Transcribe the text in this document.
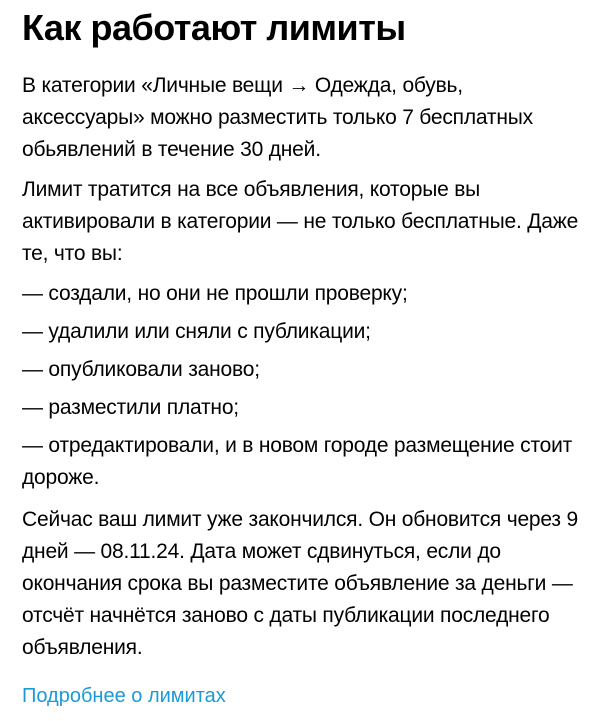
Как работают лимиты

В категории «Личные вещи → Одежда, обувь, аксессуары» можно разместить только 7 бесплатных обьявлений в течение 30 дней.

Лимит тратится на все объявления, которые вы активировали в категории — не только бесплатные. Даже те, что вы:

— создали, но они не прошли проверку;
— удалили или сняли с публикации;
— опубликовали заново;
— разместили платно;
— отредактировали, и в новом городе размещение стоит дороже.

Сейчас ваш лимит уже закончился. Он обновится через 9 дней — 08.11.24. Дата может сдвинуться, если до окончания срока вы разместите объявление за деньги — отсчёт начнётся заново с даты публикации последнего объявления.

Подробнее о лимитах
